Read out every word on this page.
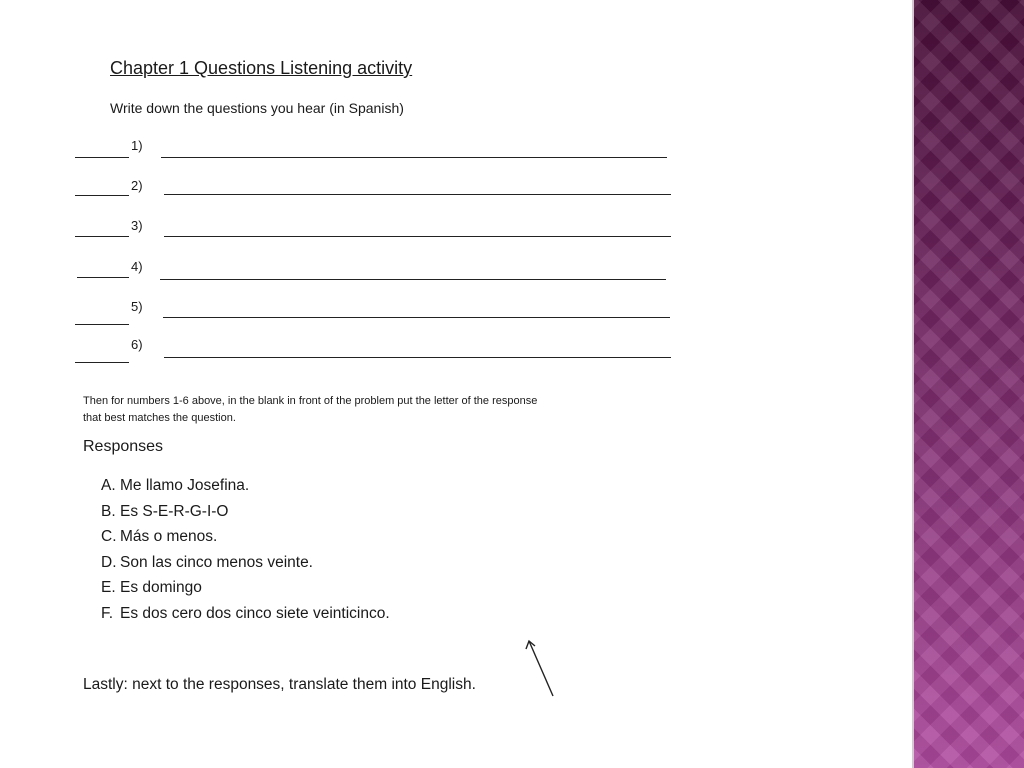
Chapter 1 Questions Listening activity
Write down the questions you hear (in Spanish)
1)
2)
3)
4)
5)
6)
Then for numbers 1-6 above, in the blank in front of the problem put the letter of the response
that best matches the question.
Responses
A. Me llamo Josefina.
B. Es S-E-R-G-I-O
C. Más o menos.
D. Son las cinco menos veinte.
E. Es domingo
F. Es dos cero dos cinco siete veinticinco.
Lastly: next to the responses, translate them into English.
